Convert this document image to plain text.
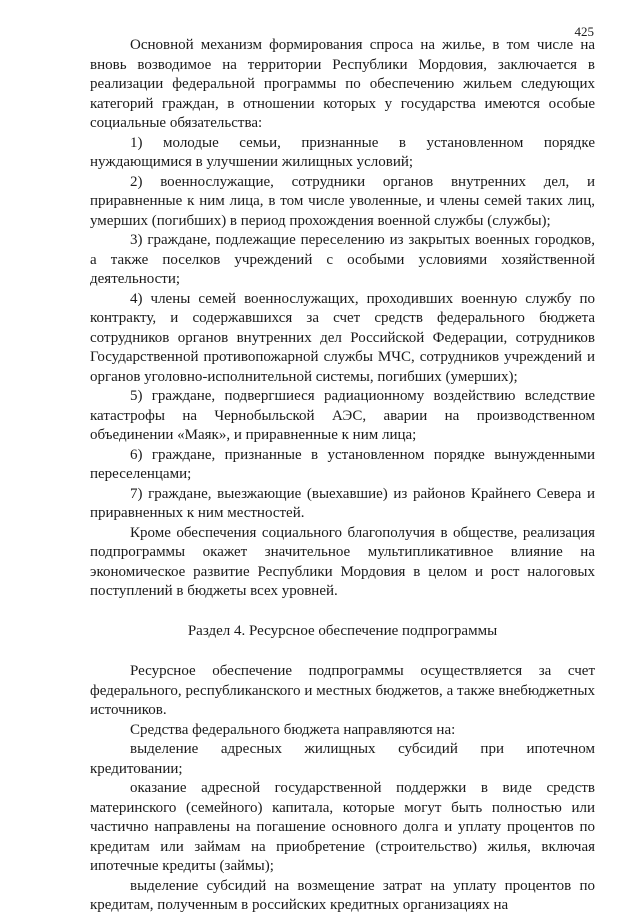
425

Основной механизм формирования спроса на жилье, в том числе на вновь возводимое на территории Республики Мордовия, заключается в реализации федеральной программы по обеспечению жильем следующих категорий граждан, в отношении которых у государства имеются особые социальные обязательства:

1) молодые семьи, признанные в установленном порядке нуждающимися в улучшении жилищных условий;

2) военнослужащие, сотрудники органов внутренних дел, и приравненные к ним лица, в том числе уволенные, и члены семей таких лиц, умерших (погибших) в период прохождения военной службы (службы);

3) граждане, подлежащие переселению из закрытых военных городков, а также поселков учреждений с особыми условиями хозяйственной деятельности;

4) члены семей военнослужащих, проходивших военную службу по контракту, и содержавшихся за счет средств федерального бюджета сотрудников органов внутренних дел Российской Федерации, сотрудников Государственной противопожарной службы МЧС, сотрудников учреждений и органов уголовно-исполнительной системы, погибших (умерших);

5) граждане, подвергшиеся радиационному воздействию вследствие катастрофы на Чернобыльской АЭС, аварии на производственном объединении «Маяк», и приравненные к ним лица;

6) граждане, признанные в установленном порядке вынужденными переселенцами;

7) граждане, выезжающие (выехавшие) из районов Крайнего Севера и приравненных к ним местностей.

Кроме обеспечения социального благополучия в обществе, реализация подпрограммы окажет значительное мультипликативное влияние на экономическое развитие Республики Мордовия в целом и рост налоговых поступлений в бюджеты всех уровней.

Раздел 4. Ресурсное обеспечение подпрограммы

Ресурсное обеспечение подпрограммы осуществляется за счет федерального, республиканского и местных бюджетов, а также внебюджетных источников.

Средства федерального бюджета направляются на:

выделение адресных жилищных субсидий при ипотечном кредитовании;

оказание адресной государственной поддержки в виде средств материнского (семейного) капитала, которые могут быть полностью или частично направлены на погашение основного долга и уплату процентов по кредитам или займам на приобретение (строительство) жилья, включая ипотечные кредиты (займы);

выделение субсидий на возмещение затрат на уплату процентов по кредитам, полученным в российских кредитных организациях на
